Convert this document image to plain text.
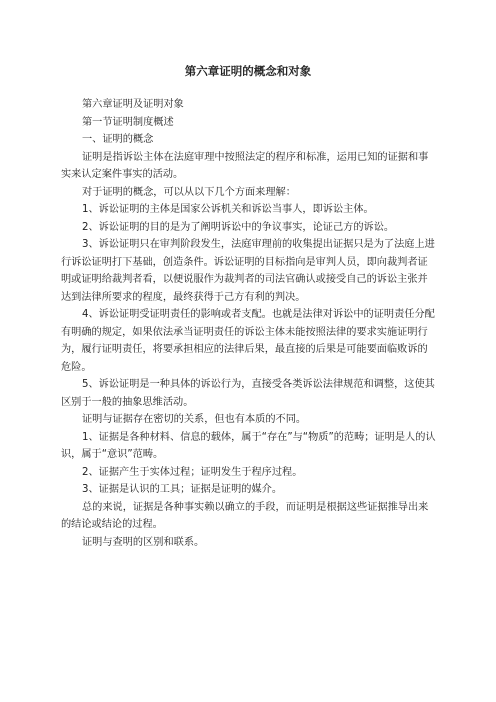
第六章证明的概念和对象

第六章证明及证明对象

第一节证明制度概述

一、证明的概念

证明是指诉讼主体在法庭审理中按照法定的程序和标准，运用已知的证据和事实来认定案件事实的活动。

对于证明的概念，可以从以下几个方面来理解：

1、诉讼证明的主体是国家公诉机关和诉讼当事人，即诉讼主体。

2、诉讼证明的目的是为了阐明诉讼中的争议事实，论证己方的诉讼。

3、诉讼证明只在审判阶段发生，法庭审理前的收集提出证据只是为了法庭上进行诉讼证明打下基础，创造条件。诉讼证明的目标指向是审判人员，即向裁判者证明或证明给裁判者看，以便说服作为裁判者的司法官确认或接受自己的诉讼主张并达到法律所要求的程度，最终获得于己方有利的判决。

4、诉讼证明受证明责任的影响或者支配。也就是法律对诉讼中的证明责任分配有明确的规定，如果依法承当证明责任的诉讼主体未能按照法律的要求实施证明行为，履行证明责任，将要承担相应的法律后果，最直接的后果是可能要面临败诉的危险。

5、诉讼证明是一种具体的诉讼行为，直接受各类诉讼法律规范和调整，这使其区别于一般的抽象思维活动。

证明与证据存在密切的关系，但也有本质的不同。

1、证据是各种材料、信息的载体，属于“存在”与“物质”的范畴；证明是人的认识，属于“意识”范畴。

2、证据产生于实体过程；证明发生于程序过程。

3、证据是认识的工具；证据是证明的媒介。

总的来说，证据是各种事实赖以确立的手段，而证明是根据这些证据推导出来的结论或结论的过程。

证明与查明的区别和联系。
